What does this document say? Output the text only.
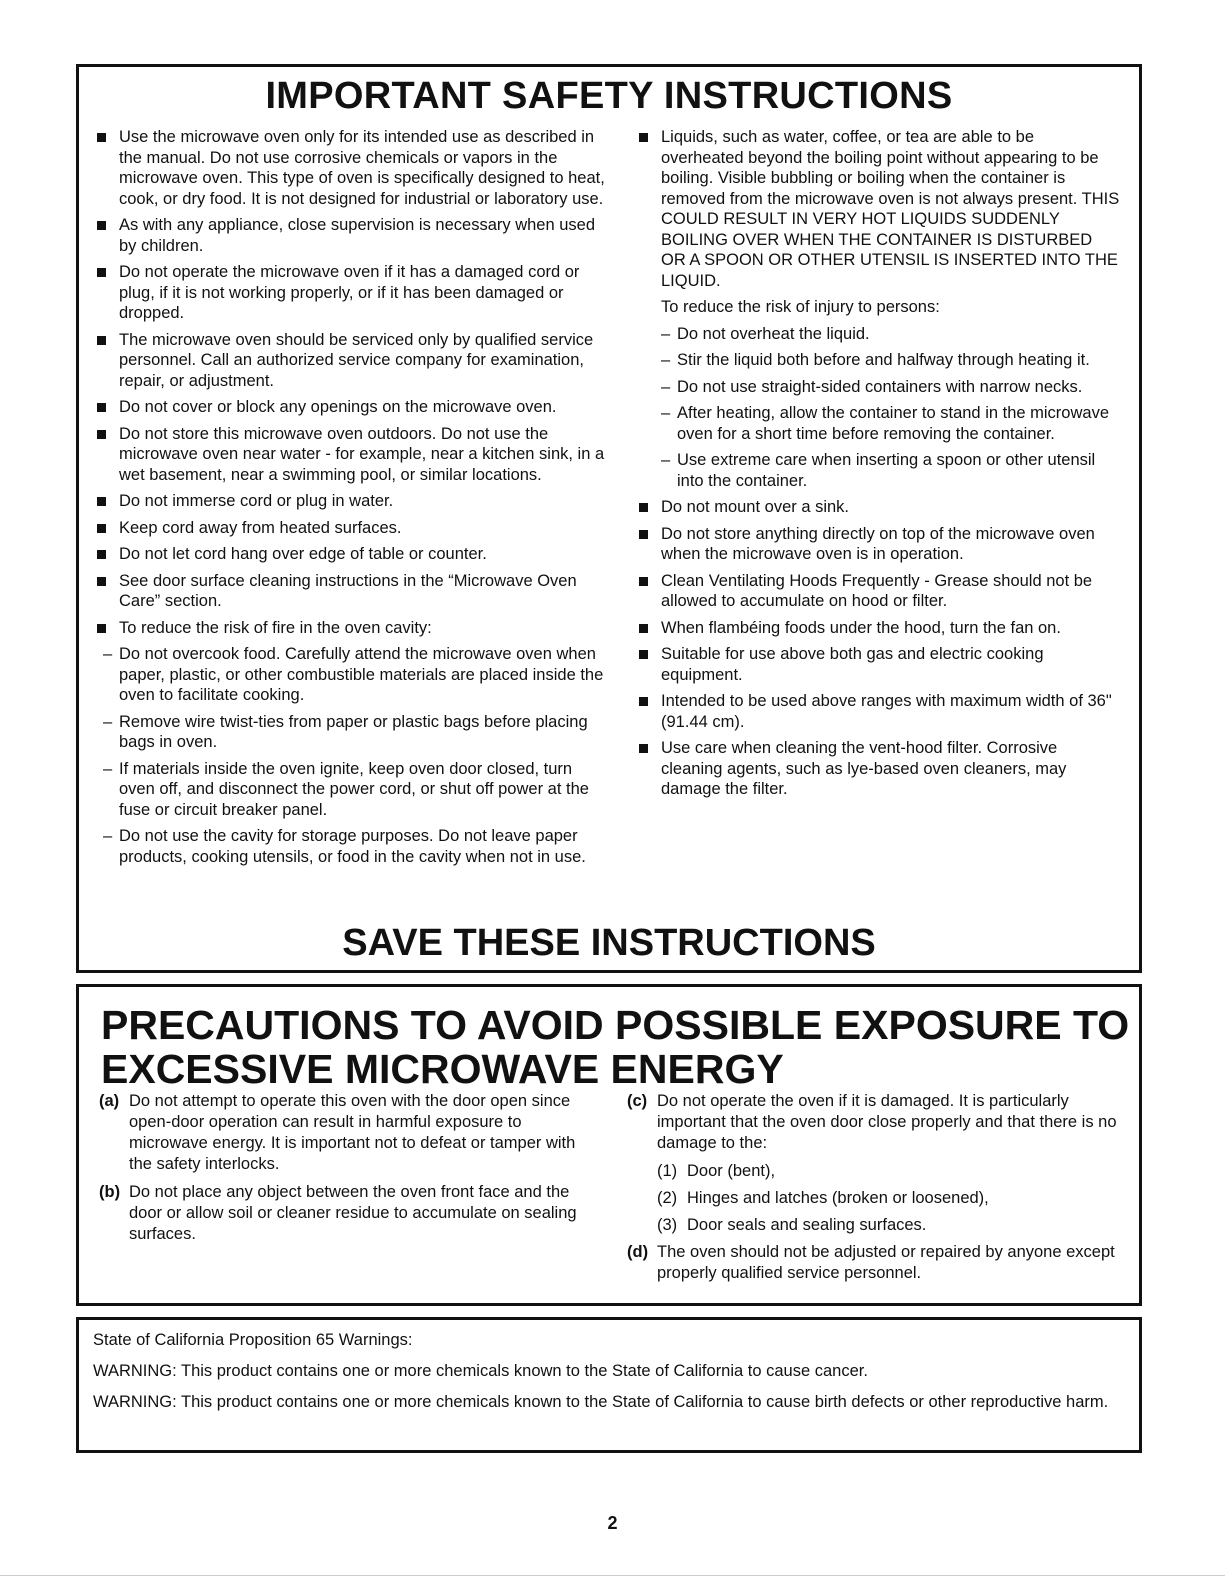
IMPORTANT SAFETY INSTRUCTIONS
Use the microwave oven only for its intended use as described in the manual. Do not use corrosive chemicals or vapors in the microwave oven. This type of oven is specifically designed to heat, cook, or dry food. It is not designed for industrial or laboratory use.
As with any appliance, close supervision is necessary when used by children.
Do not operate the microwave oven if it has a damaged cord or plug, if it is not working properly, or if it has been damaged or dropped.
The microwave oven should be serviced only by qualified service personnel. Call an authorized service company for examination, repair, or adjustment.
Do not cover or block any openings on the microwave oven.
Do not store this microwave oven outdoors. Do not use the microwave oven near water - for example, near a kitchen sink, in a wet basement, near a swimming pool, or similar locations.
Do not immerse cord or plug in water.
Keep cord away from heated surfaces.
Do not let cord hang over edge of table or counter.
See door surface cleaning instructions in the “Microwave Oven Care” section.
To reduce the risk of fire in the oven cavity:
– Do not overcook food. Carefully attend the microwave oven when paper, plastic, or other combustible materials are placed inside the oven to facilitate cooking.
– Remove wire twist-ties from paper or plastic bags before placing bags in oven.
– If materials inside the oven ignite, keep oven door closed, turn oven off, and disconnect the power cord, or shut off power at the fuse or circuit breaker panel.
– Do not use the cavity for storage purposes. Do not leave paper products, cooking utensils, or food in the cavity when not in use.
Liquids, such as water, coffee, or tea are able to be overheated beyond the boiling point without appearing to be boiling. Visible bubbling or boiling when the container is removed from the microwave oven is not always present. THIS COULD RESULT IN VERY HOT LIQUIDS SUDDENLY BOILING OVER WHEN THE CONTAINER IS DISTURBED OR A SPOON OR OTHER UTENSIL IS INSERTED INTO THE LIQUID.

To reduce the risk of injury to persons:

– Do not overheat the liquid.
– Stir the liquid both before and halfway through heating it.
– Do not use straight-sided containers with narrow necks.
– After heating, allow the container to stand in the microwave oven for a short time before removing the container.
– Use extreme care when inserting a spoon or other utensil into the container.
Do not mount over a sink.
Do not store anything directly on top of the microwave oven when the microwave oven is in operation.
Clean Ventilating Hoods Frequently - Grease should not be allowed to accumulate on hood or filter.
When flambéing foods under the hood, turn the fan on.
Suitable for use above both gas and electric cooking equipment.
Intended to be used above ranges with maximum width of 36" (91.44 cm).
Use care when cleaning the vent-hood filter. Corrosive cleaning agents, such as lye-based oven cleaners, may damage the filter.
SAVE THESE INSTRUCTIONS
PRECAUTIONS TO AVOID POSSIBLE EXPOSURE TO EXCESSIVE MICROWAVE ENERGY
(a) Do not attempt to operate this oven with the door open since open-door operation can result in harmful exposure to microwave energy. It is important not to defeat or tamper with the safety interlocks.
(b) Do not place any object between the oven front face and the door or allow soil or cleaner residue to accumulate on sealing surfaces.
(c) Do not operate the oven if it is damaged. It is particularly important that the oven door close properly and that there is no damage to the:
(1) Door (bent),
(2) Hinges and latches (broken or loosened),
(3) Door seals and sealing surfaces.
(d) The oven should not be adjusted or repaired by anyone except properly qualified service personnel.

State of California Proposition 65 Warnings:

WARNING: This product contains one or more chemicals known to the State of California to cause cancer.

WARNING: This product contains one or more chemicals known to the State of California to cause birth defects or other reproductive harm.

2
